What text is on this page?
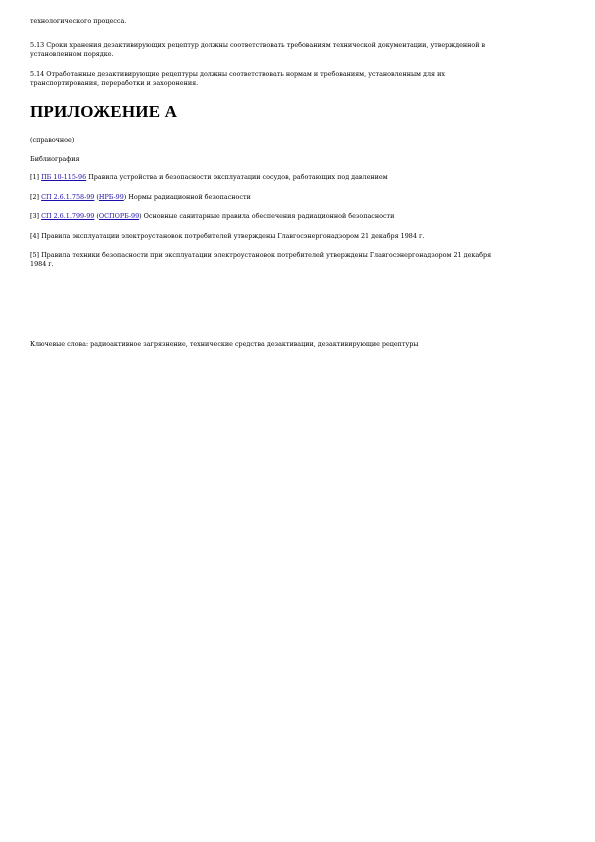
технологического процесса.

5.13 Сроки хранения дезактивирующих рецептур должны соответствовать требованиям технической документации, утвержденной в

установленном порядке.

5.14 Отработанные дезактивирующие рецептуры должны соответствовать нормам и требованиям, установленным для их

транспортирования, переработки и захоронения.

ПРИЛОЖЕНИЕ А

(справочное)

Библиография

[1] ПБ 10-115-96 Правила устройства и безопасности эксплуатации сосудов, работающих под давлением

[2] СП 2.6.1.758-99 (НРБ-99) Нормы радиационной безопасности

[3] СП 2.6.1.799-99 (ОСПОРБ-99) Основные санитарные правила обеспечения радиационной безопасности

[4] Правила эксплуатации электроустановок потребителей утверждены Главгосэнергонадзором 21 декабря 1984 г.

[5] Правила техники безопасности при эксплуатации электроустановок потребителей утверждены Главгосэнергонадзором 21 декабря

1984 г.

Ключевые слова: радиоактивное загрязнение, технические средства дезактивации, дезактивирующие рецептуры
